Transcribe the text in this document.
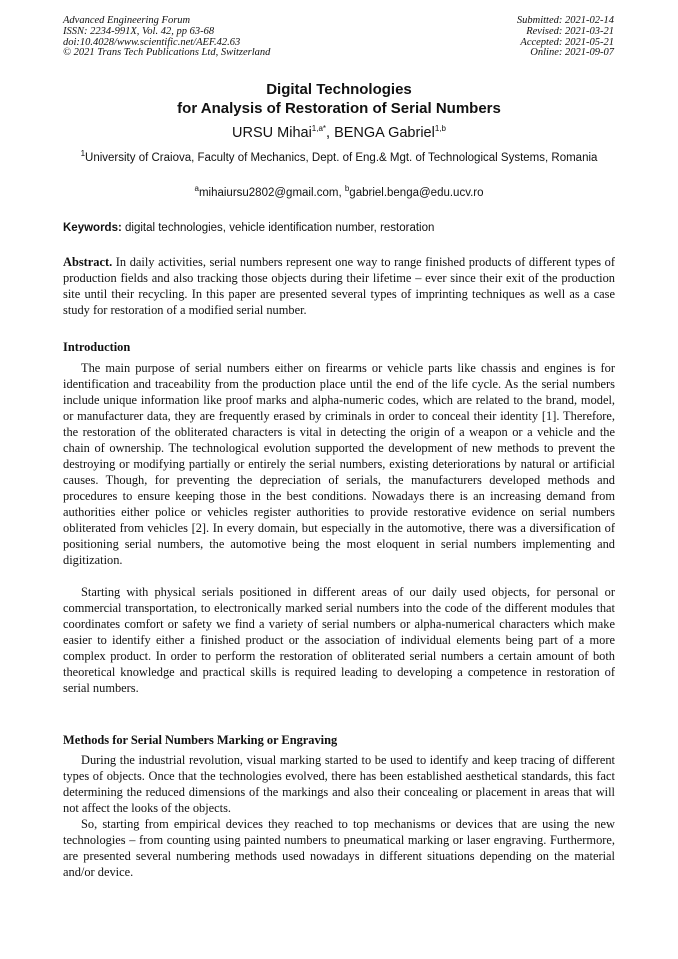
Advanced Engineering Forum
ISSN: 2234-991X, Vol. 42, pp 63-68
doi:10.4028/www.scientific.net/AEF.42.63
© 2021 Trans Tech Publications Ltd, Switzerland
Submitted: 2021-02-14
Revised: 2021-03-21
Accepted: 2021-05-21
Online: 2021-09-07
Digital Technologies
for Analysis of Restoration of Serial Numbers
URSU Mihai$^{1,a*}$, BENGA Gabriel$^{1,b}$
$^1$University of Craiova, Faculty of Mechanics, Dept. of Eng.& Mgt. of Technological Systems, Romania
$^a$mihaiursu2802@gmail.com, $^b$gabriel.benga@edu.ucv.ro
Keywords: digital technologies, vehicle identification number, restoration
Abstract. In daily activities, serial numbers represent one way to range finished products of different types of production fields and also tracking those objects during their lifetime – ever since their exit of the production site until their recycling. In this paper are presented several types of imprinting techniques as well as a case study for restoration of a modified serial number.
Introduction
The main purpose of serial numbers either on firearms or vehicle parts like chassis and engines is for identification and traceability from the production place until the end of the life cycle. As the serial numbers include unique information like proof marks and alpha-numeric codes, which are related to the brand, model, or manufacturer data, they are frequently erased by criminals in order to conceal their identity [1]. Therefore, the restoration of the obliterated characters is vital in detecting the origin of a weapon or a vehicle and the chain of ownership. The technological evolution supported the development of new methods to prevent the destroying or modifying partially or entirely the serial numbers, existing deteriorations by natural or artificial causes. Though, for preventing the depreciation of serials, the manufacturers developed methods and procedures to ensure keeping those in the best conditions. Nowadays there is an increasing demand from authorities either police or vehicles register authorities to provide restorative evidence on serial numbers obliterated from vehicles [2]. In every domain, but especially in the automotive, there was a diversification of positioning serial numbers, the automotive being the most eloquent in serial numbers implementing and digitization.
Starting with physical serials positioned in different areas of our daily used objects, for personal or commercial transportation, to electronically marked serial numbers into the code of the different modules that coordinates comfort or safety we find a variety of serial numbers or alpha-numerical characters which make easier to identify either a finished product or the association of individual elements being part of a more complex product. In order to perform the restoration of obliterated serial numbers a certain amount of both theoretical knowledge and practical skills is required leading to developing a competence in restoration of serial numbers.
Methods for Serial Numbers Marking or Engraving
During the industrial revolution, visual marking started to be used to identify and keep tracing of different types of objects. Once that the technologies evolved, there has been established aesthetical standards, this fact determining the reduced dimensions of the markings and also their concealing or placement in areas that will not affect the looks of the objects.
So, starting from empirical devices they reached to top mechanisms or devices that are using the new technologies – from counting using painted numbers to pneumatical marking or laser engraving. Furthermore, are presented several numbering methods used nowadays in different situations depending on the material and/or device.
